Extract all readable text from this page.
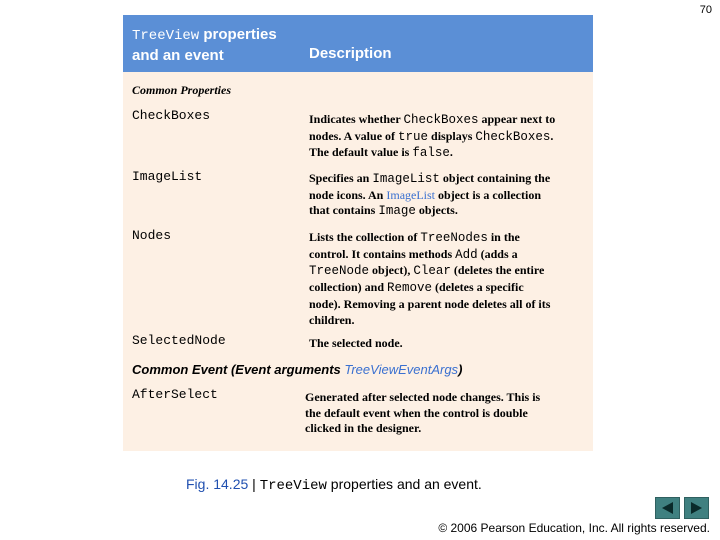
70
TreeView properties
and an event	Description
Common Properties
CheckBoxes	Indicates whether CheckBoxes appear next to
nodes. A value of true displays CheckBoxes.
The default value is false.
ImageList	Specifies an ImageList object containing the
node icons. An ImageList object is a collection
that contains Image objects.
Nodes	Lists the collection of TreeNodes in the
control. It contains methods Add (adds a
TreeNode object), Clear (deletes the entire
collection) and Remove (deletes a specific
node). Removing a parent node deletes all of its
children.
SelectedNode	The selected node.
Common Event (Event arguments TreeViewEventArgs)
AfterSelect	Generated after selected node changes. This is
the default event when the control is double
clicked in the designer.
Fig. 14.25 | TreeView properties and an event.
© 2006 Pearson Education, Inc. All rights reserved.
